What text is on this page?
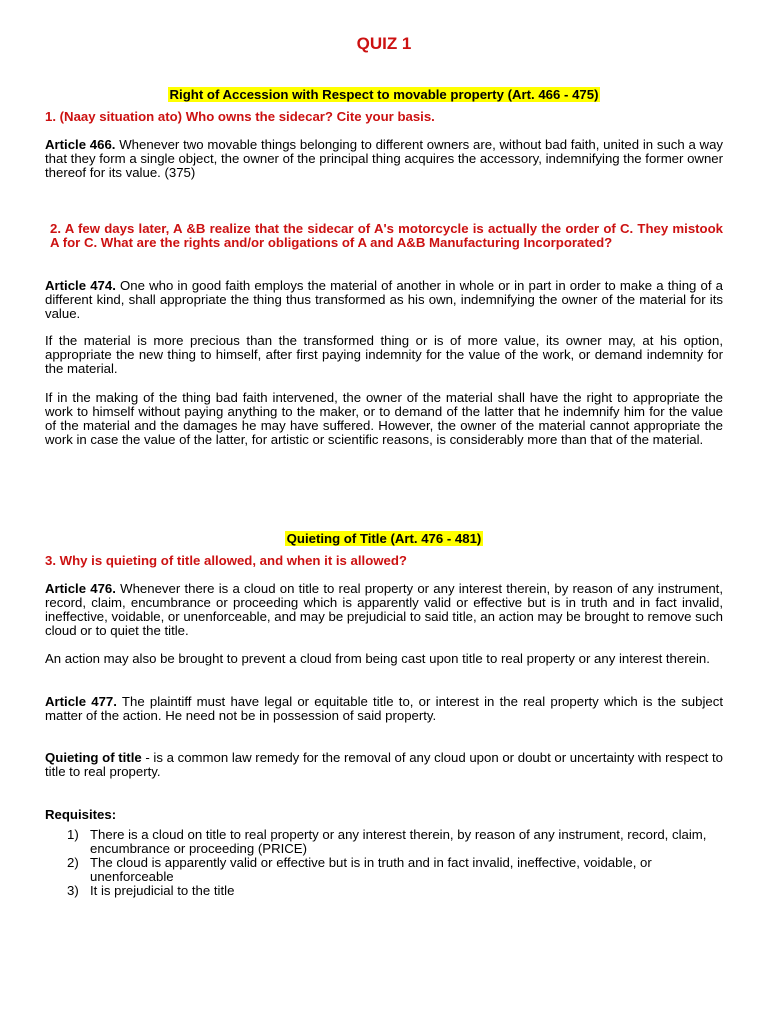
QUIZ 1
Right of Accession with Respect to movable property (Art. 466 - 475)
1. (Naay situation ato) Who owns the sidecar? Cite your basis.
Article 466. Whenever two movable things belonging to different owners are, without bad faith, united in such a way that they form a single object, the owner of the principal thing acquires the accessory, indemnifying the former owner thereof for its value. (375)
2. A few days later, A &B realize that the sidecar of A's motorcycle is actually the order of C. They mistook A for C. What are the rights and/or obligations of A and A&B Manufacturing Incorporated?
Article 474. One who in good faith employs the material of another in whole or in part in order to make a thing of a different kind, shall appropriate the thing thus transformed as his own, indemnifying the owner of the material for its value.
If the material is more precious than the transformed thing or is of more value, its owner may, at his option, appropriate the new thing to himself, after first paying indemnity for the value of the work, or demand indemnity for the material.
If in the making of the thing bad faith intervened, the owner of the material shall have the right to appropriate the work to himself without paying anything to the maker, or to demand of the latter that he indemnify him for the value of the material and the damages he may have suffered. However, the owner of the material cannot appropriate the work in case the value of the latter, for artistic or scientific reasons, is considerably more than that of the material.
Quieting of Title (Art. 476 - 481)
3. Why is quieting of title allowed, and when it is allowed?
Article 476. Whenever there is a cloud on title to real property or any interest therein, by reason of any instrument, record, claim, encumbrance or proceeding which is apparently valid or effective but is in truth and in fact invalid, ineffective, voidable, or unenforceable, and may be prejudicial to said title, an action may be brought to remove such cloud or to quiet the title.
An action may also be brought to prevent a cloud from being cast upon title to real property or any interest therein.
Article 477. The plaintiff must have legal or equitable title to, or interest in the real property which is the subject matter of the action. He need not be in possession of said property.
Quieting of title - is a common law remedy for the removal of any cloud upon or doubt or uncertainty with respect to title to real property.
Requisites:
1) There is a cloud on title to real property or any interest therein, by reason of any instrument, record, claim, encumbrance or proceeding (PRICE)
2) The cloud is apparently valid or effective but is in truth and in fact invalid, ineffective, voidable, or unenforceable
3) It is prejudicial to the title
